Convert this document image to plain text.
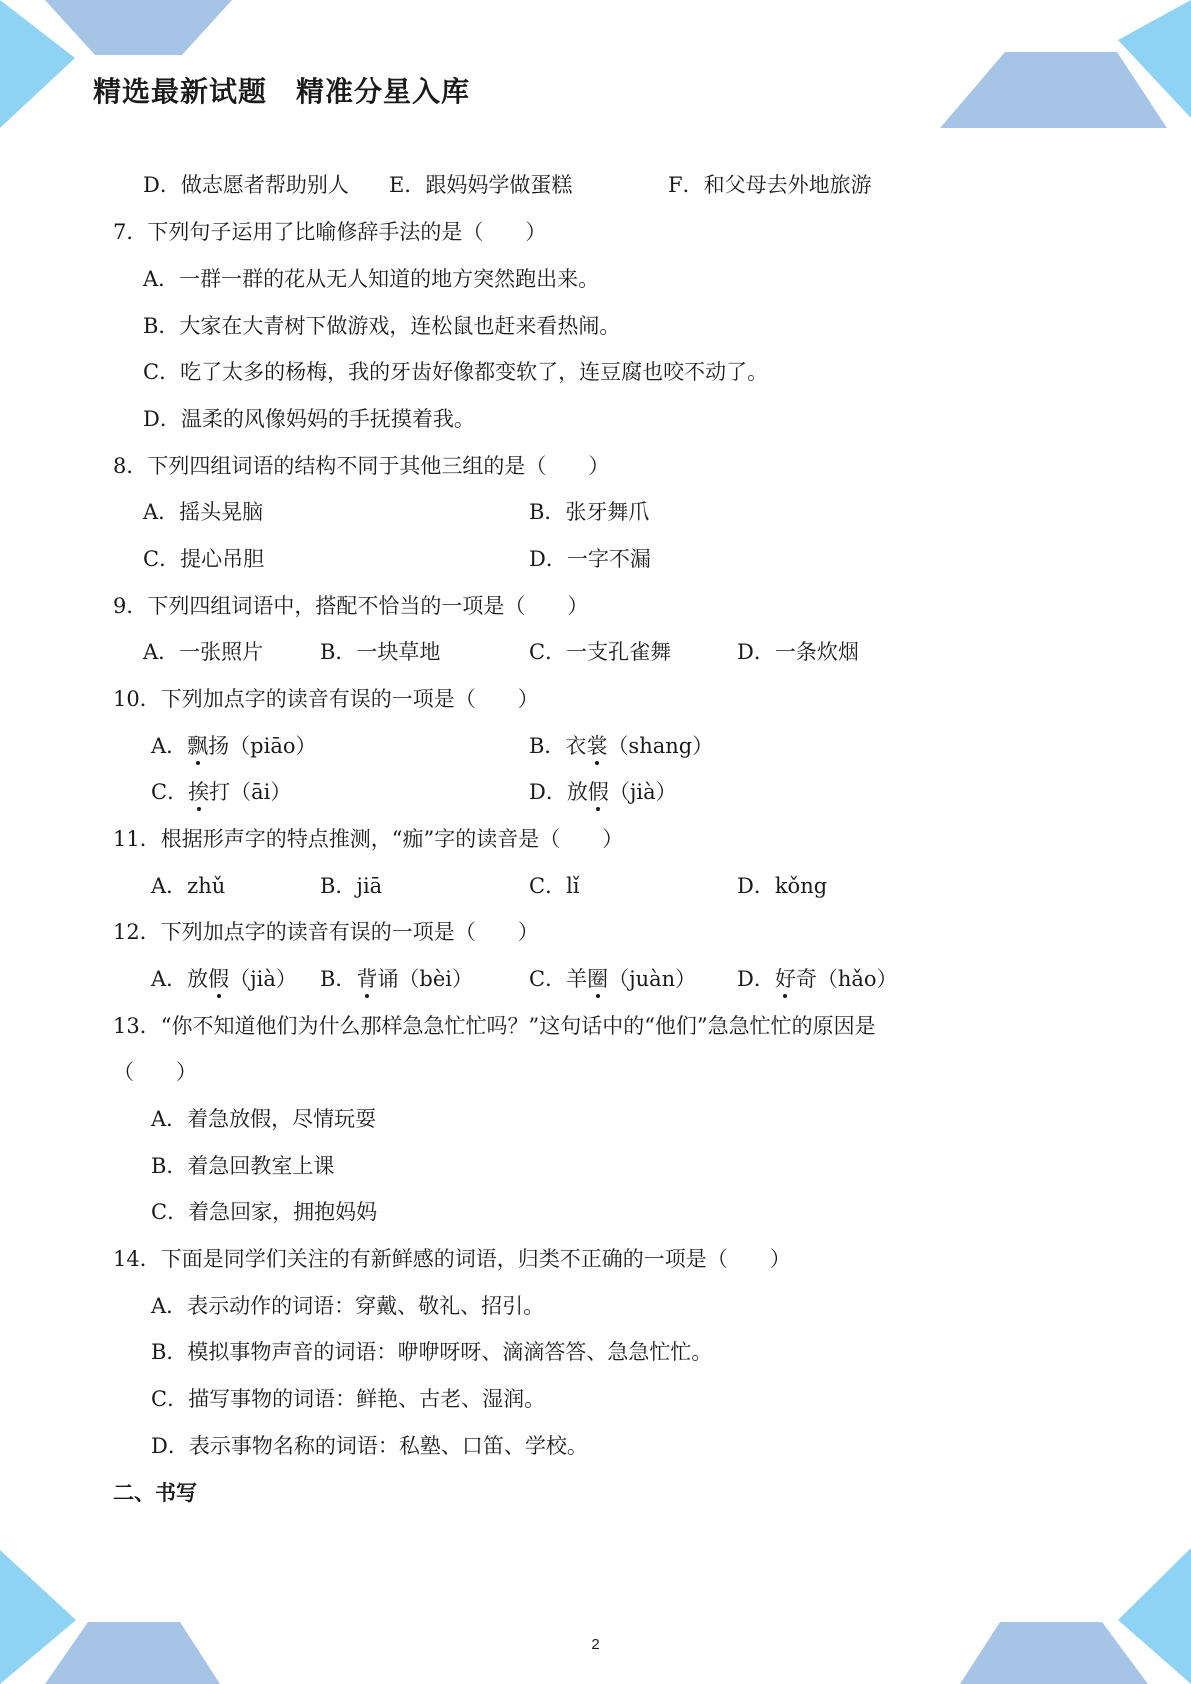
精选最新试题　精准分星入库
D．做志愿者帮助别人 E．跟妈妈学做蛋糕	F．和父母去外地旅游
7．下列句子运用了比喻修辞手法的是（　　）
A．一群一群的花从无人知道的地方突然跑出来。
B．大家在大青树下做游戏，连松鼠也赶来看热闹。
C．吃了太多的杨梅，我的牙齿好像都变软了，连豆腐也咬不动了。
D．温柔的风像妈妈的手抚摸着我。
8．下列四组词语的结构不同于其他三组的是（　　）
A．摇头晃脑	B．张牙舞爪
C．提心吊胆	D．一字不漏
9．下列四组词语中，搭配不恰当的一项是（　　）
A．一张照片	B．一块草地	C．一支孔雀舞	D．一条炊烟
10．下列加点字的读音有误的一项是（　　）
A．飘扬（piāo）	B．衣裳（shang）
C．挨打（āi）	D．放假（jià）
11．根据形声字的特点推测，“痂”字的读音是（　　）
A．zhǔ	B．jiā	C．lǐ	D．kǒng
12．下列加点字的读音有误的一项是（　　）
A．放假（jià） B．背诵（bèi）	C．羊圈（juàn） D．好奇（hǎo）
13．“你不知道他们为什么那样急急忙忙吗？”这句话中的“他们”急急忙忙的原因是
（　　）
A．着急放假，尽情玩耍
B．着急回教室上课
C．着急回家，拥抱妈妈
14．下面是同学们关注的有新鲜感的词语，归类不正确的一项是（　　）
A．表示动作的词语：穿戴、敬礼、招引。
B．模拟事物声音的词语：咿咿呀呀、滴滴答答、急急忙忙。
C．描写事物的词语：鲜艳、古老、湿润。
D．表示事物名称的词语：私塾、口笛、学校。
二、书写
2
